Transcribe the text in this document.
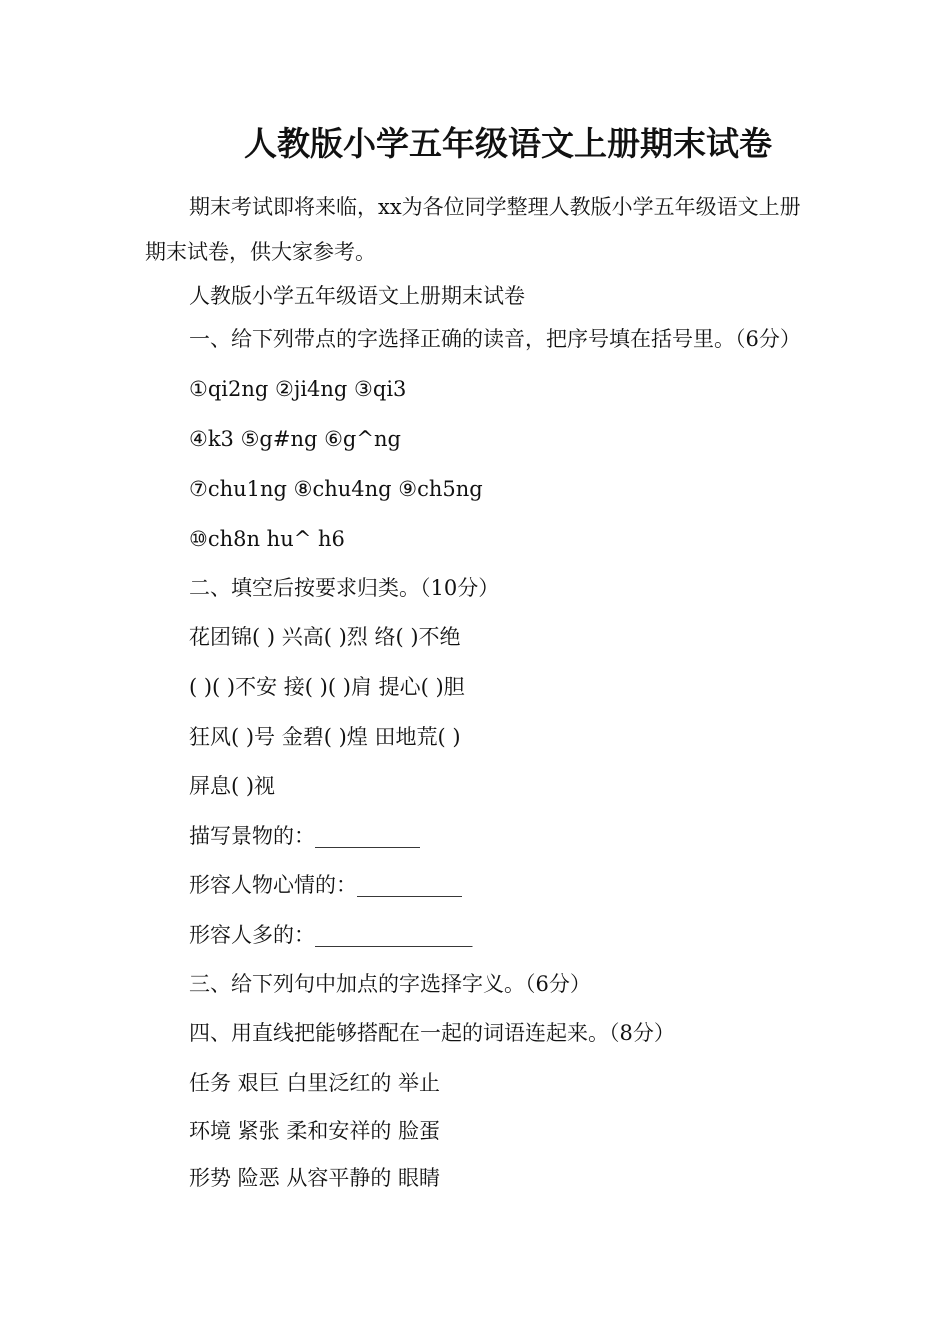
人教版小学五年级语文上册期末试卷
期末考试即将来临，xx为各位同学整理人教版小学五年级语文上册期末试卷，供大家参考。
人教版小学五年级语文上册期末试卷
一、给下列带点的字选择正确的读音，把序号填在括号里。（6分）
①qi2ng ②ji4ng ③qi3
④k3 ⑤g#ng ⑥g^ng
⑦chu1ng ⑧chu4ng ⑨ch5ng
⑩ch8n hu^ h6
二、填空后按要求归类。（10分）
花团锦( ) 兴高( )烈 络( )不绝
( )( )不安 接( )( )肩 提心( )胆
狂风( )号 金碧( )煌 田地荒( )
屏息( )视
描写景物的：__________
形容人物心情的：__________
形容人多的：_______________
三、给下列句中加点的字选择字义。（6分）
四、用直线把能够搭配在一起的词语连起来。（8分）
任务 艰巨 白里泛红的 举止
环境 紧张 柔和安祥的 脸蛋
形势 险恶 从容平静的 眼睛
